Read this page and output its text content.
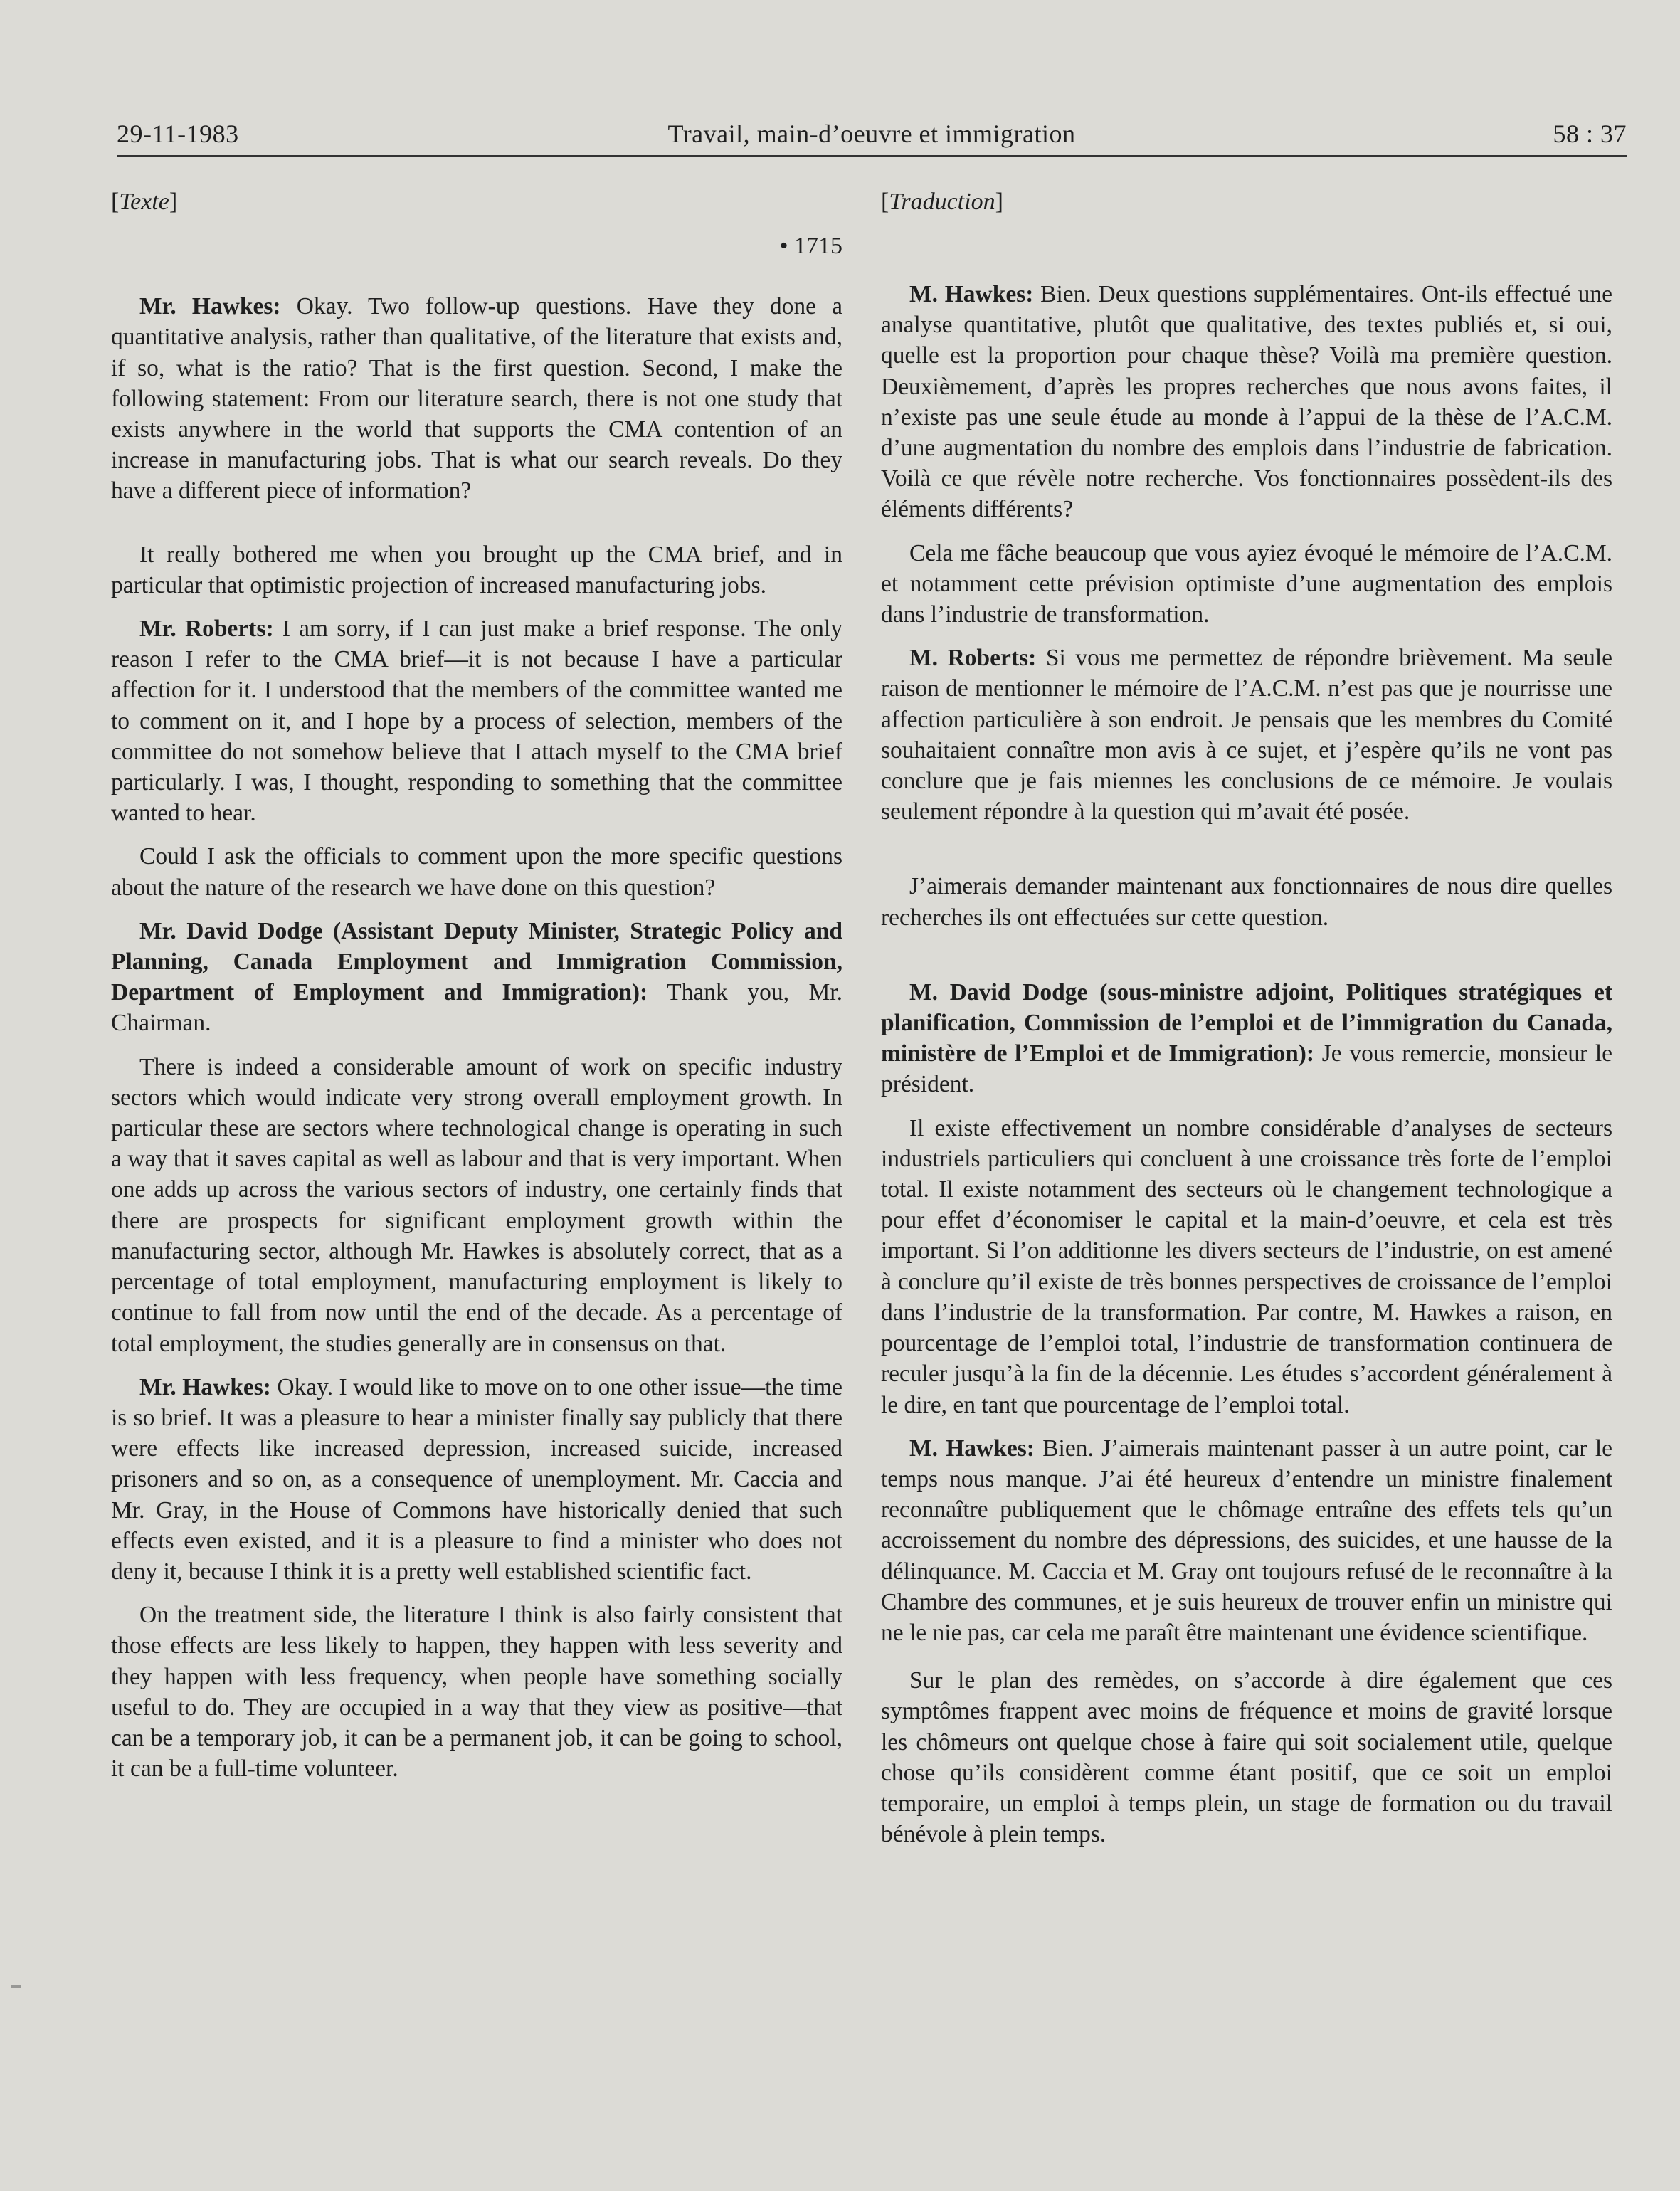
29-11-1983	Travail, main-d’oeuvre et immigration	58 : 37

[Texte]

• 1715

Mr. Hawkes: Okay. Two follow-up questions. Have they done a quantitative analysis, rather than qualitative, of the literature that exists and, if so, what is the ratio? That is the first question. Second, I make the following statement: From our literature search, there is not one study that exists anywhere in the world that supports the CMA contention of an increase in manufacturing jobs. That is what our search reveals. Do they have a different piece of information?

It really bothered me when you brought up the CMA brief, and in particular that optimistic projection of increased manufacturing jobs.

Mr. Roberts: I am sorry, if I can just make a brief response. The only reason I refer to the CMA brief—it is not because I have a particular affection for it. I understood that the members of the committee wanted me to comment on it, and I hope by a process of selection, members of the committee do not somehow believe that I attach myself to the CMA brief particularly. I was, I thought, responding to something that the committee wanted to hear.

Could I ask the officials to comment upon the more specific questions about the nature of the research we have done on this question?

Mr. David Dodge (Assistant Deputy Minister, Strategic Policy and Planning, Canada Employment and Immigration Commission, Department of Employment and Immigration): Thank you, Mr. Chairman.

There is indeed a considerable amount of work on specific industry sectors which would indicate very strong overall employment growth. In particular these are sectors where technological change is operating in such a way that it saves capital as well as labour and that is very important. When one adds up across the various sectors of industry, one certainly finds that there are prospects for significant employment growth within the manufacturing sector, although Mr. Hawkes is absolutely correct, that as a percentage of total employment, manufacturing employment is likely to continue to fall from now until the end of the decade. As a percentage of total employment, the studies generally are in consensus on that.

Mr. Hawkes: Okay. I would like to move on to one other issue—the time is so brief. It was a pleasure to hear a minister finally say publicly that there were effects like increased depression, increased suicide, increased prisoners and so on, as a consequence of unemployment. Mr. Caccia and Mr. Gray, in the House of Commons have historically denied that such effects even existed, and it is a pleasure to find a minister who does not deny it, because I think it is a pretty well established scientific fact.

On the treatment side, the literature I think is also fairly consistent that those effects are less likely to happen, they happen with less severity and they happen with less frequency, when people have something socially useful to do. They are occupied in a way that they view as positive—that can be a temporary job, it can be a permanent job, it can be going to school, it can be a full-time volunteer.

[Traduction]

M. Hawkes: Bien. Deux questions supplémentaires. Ont-ils effectué une analyse quantitative, plutôt que qualitative, des textes publiés et, si oui, quelle est la proportion pour chaque thèse? Voilà ma première question. Deuxièmement, d’après les propres recherches que nous avons faites, il n’existe pas une seule étude au monde à l’appui de la thèse de l’A.C.M. d’une augmentation du nombre des emplois dans l’industrie de fabrication. Voilà ce que révèle notre recherche. Vos fonctionnaires possèdent-ils des éléments différents?

Cela me fâche beaucoup que vous ayiez évoqué le mémoire de l’A.C.M. et notamment cette prévision optimiste d’une augmentation des emplois dans l’industrie de transformation.

M. Roberts: Si vous me permettez de répondre brièvement. Ma seule raison de mentionner le mémoire de l’A.C.M. n’est pas que je nourrisse une affection particulière à son endroit. Je pensais que les membres du Comité souhaitaient connaître mon avis à ce sujet, et j’espère qu’ils ne vont pas conclure que je fais miennes les conclusions de ce mémoire. Je voulais seulement répondre à la question qui m’avait été posée.

J’aimerais demander maintenant aux fonctionnaires de nous dire quelles recherches ils ont effectuées sur cette question.

M. David Dodge (sous-ministre adjoint, Politiques stratégiques et planification, Commission de l’emploi et de l’immigration du Canada, ministère de l’Emploi et de Immigration): Je vous remercie, monsieur le président.

Il existe effectivement un nombre considérable d’analyses de secteurs industriels particuliers qui concluent à une croissance très forte de l’emploi total. Il existe notamment des secteurs où le changement technologique a pour effet d’économiser le capital et la main-d’oeuvre, et cela est très important. Si l’on additionne les divers secteurs de l’industrie, on est amené à conclure qu’il existe de très bonnes perspectives de croissance de l’emploi dans l’industrie de la transformation. Par contre, M. Hawkes a raison, en pourcentage de l’emploi total, l’industrie de transformation continuera de reculer jusqu’à la fin de la décennie. Les études s’accordent généralement à le dire, en tant que pourcentage de l’emploi total.

M. Hawkes: Bien. J’aimerais maintenant passer à un autre point, car le temps nous manque. J’ai été heureux d’entendre un ministre finalement reconnaître publiquement que le chômage entraîne des effets tels qu’un accroissement du nombre des dépressions, des suicides, et une hausse de la délinquance. M. Caccia et M. Gray ont toujours refusé de le reconnaître à la Chambre des communes, et je suis heureux de trouver enfin un ministre qui ne le nie pas, car cela me paraît être maintenant une évidence scientifique.

Sur le plan des remèdes, on s’accorde à dire également que ces symptômes frappent avec moins de fréquence et moins de gravité lorsque les chômeurs ont quelque chose à faire qui soit socialement utile, quelque chose qu’ils considèrent comme étant positif, que ce soit un emploi temporaire, un emploi à temps plein, un stage de formation ou du travail bénévole à plein temps.
